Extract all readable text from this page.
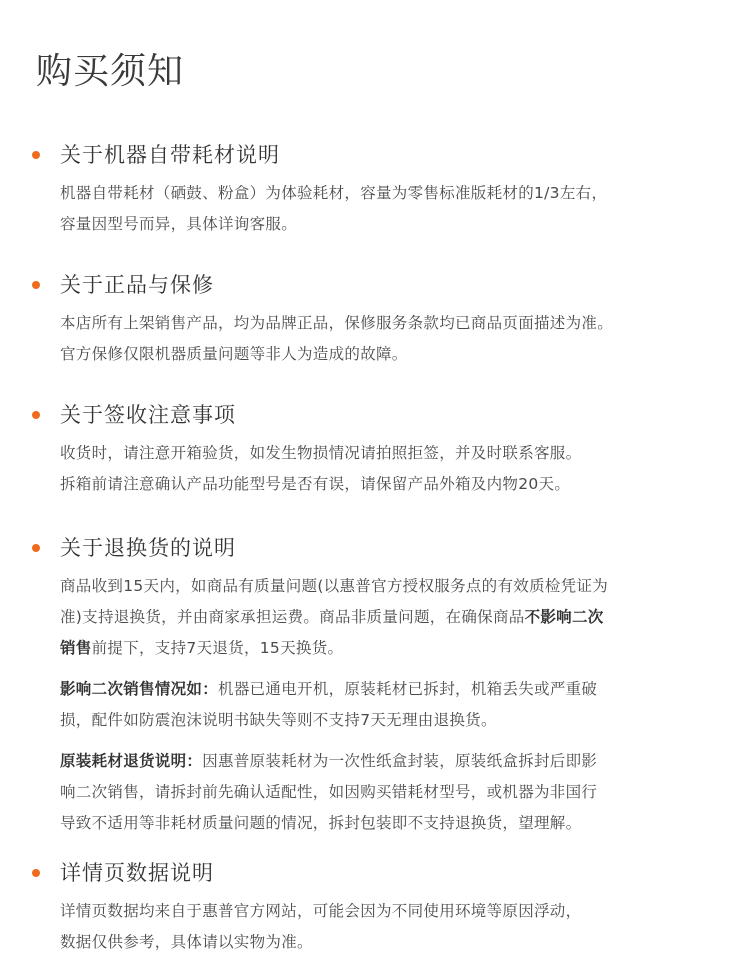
购买须知
关于机器自带耗材说明
机器自带耗材（硒鼓、粉盒）为体验耗材，容量为零售标准版耗材的1/3左右，
容量因型号而异，具体详询客服。
关于正品与保修
本店所有上架销售产品，均为品牌正品，保修服务条款均已商品页面描述为准。
官方保修仅限机器质量问题等非人为造成的故障。
关于签收注意事项
收货时，请注意开箱验货，如发生物损情况请拍照拒签，并及时联系客服。
拆箱前请注意确认产品功能型号是否有误，请保留产品外箱及内物20天。
关于退换货的说明
商品收到15天内，如商品有质量问题(以惠普官方授权服务点的有效质检凭证为
准)支持退换货，并由商家承担运费。商品非质量问题，在确保商品不影响二次
销售前提下，支持7天退货，15天换货。
影响二次销售情况如：机器已通电开机，原装耗材已拆封，机箱丢失或严重破
损，配件如防震泡沫说明书缺失等则不支持7天无理由退换货。
原装耗材退货说明：因惠普原装耗材为一次性纸盒封装，原装纸盒拆封后即影
响二次销售，请拆封前先确认适配性，如因购买错耗材型号，或机器为非国行
导致不适用等非耗材质量问题的情况，拆封包装即不支持退换货，望理解。
详情页数据说明
详情页数据均来自于惠普官方网站，可能会因为不同使用环境等原因浮动，
数据仅供参考，具体请以实物为准。
